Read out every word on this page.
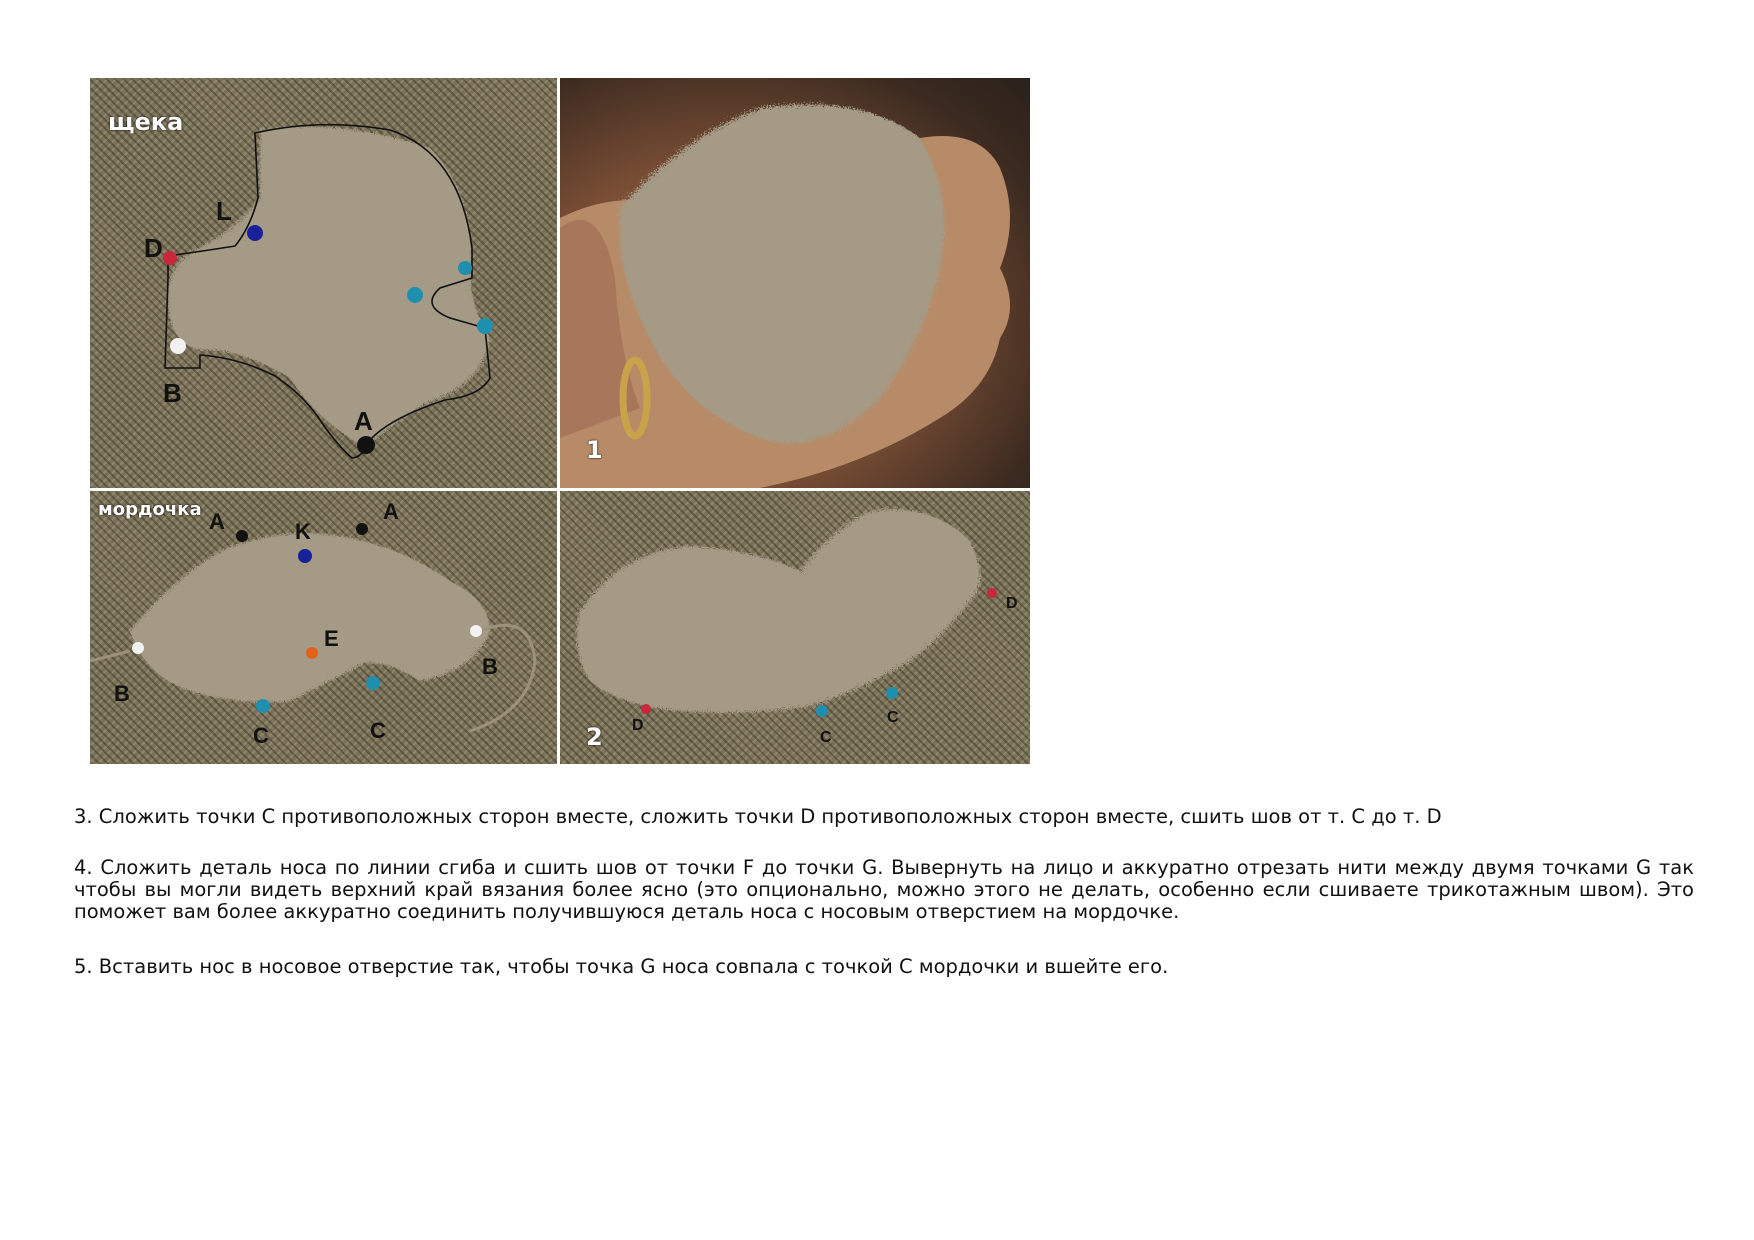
щека
L
D
B
A
1
мордочка A	K
A
E
B
B
C	C
D
D
C
C
2

3. Сложить точки C противоположных сторон вместе, сложить точки D противоположных сторон вместе, сшить шов от т. C до т. D

4. Сложить деталь носа по линии сгиба и сшить шов от точки F до точки G. Вывернуть на лицо и аккуратно отрезать нити между двумя точками G так чтобы вы могли видеть верхний край вязания более ясно (это опционально, можно этого не делать, особенно если сшиваете трикотажным швом). Это поможет вам более аккуратно соединить получившуюся деталь носа с носовым отверстием на мордочке.

5. Вставить нос в носовое отверстие так, чтобы точка G носа совпала с точкой C мордочки и вшейте его.
